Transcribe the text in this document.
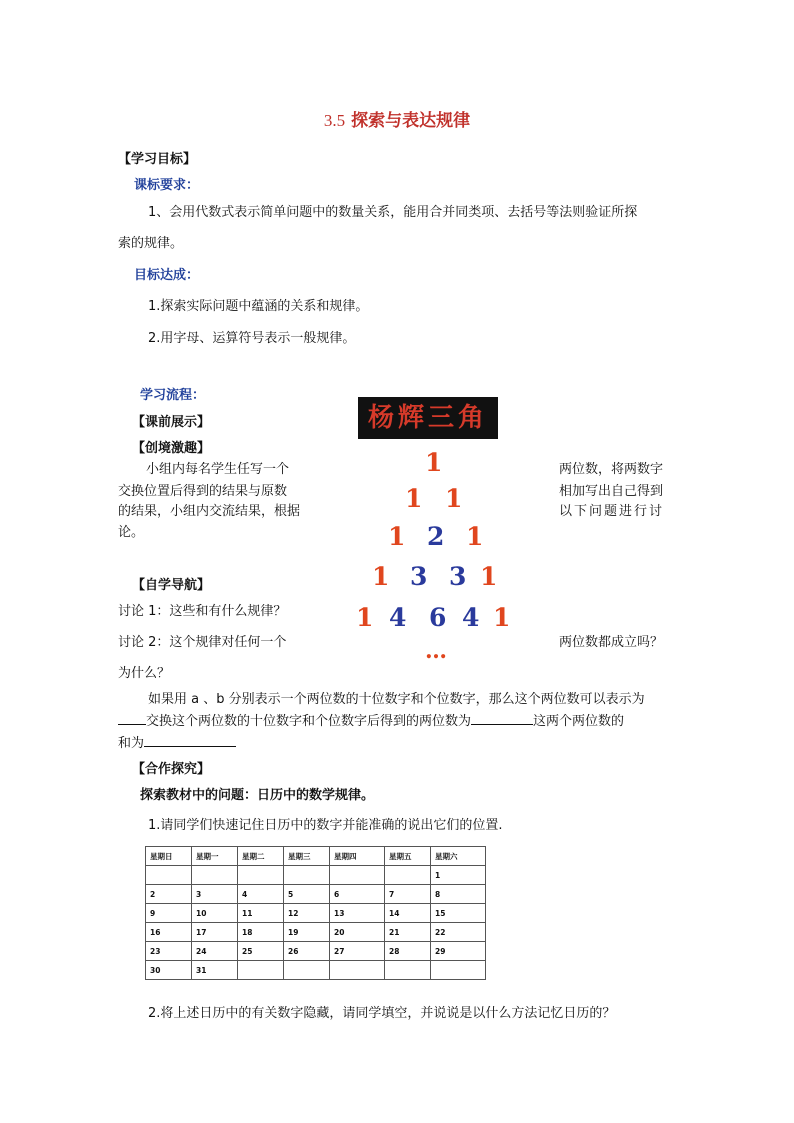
3.5 探索与表达规律
【学习目标】
课标要求：
1、会用代数式表示简单问题中的数量关系，能用合并同类项、去括号等法则验证所探
索的规律。
目标达成：
1.探索实际问题中蕴涵的关系和规律。
2.用字母、运算符号表示一般规律。
学习流程：
【课前展示】
【创境激趣】
小组内每名学生任写一个
交换位置后得到的结果与原数
的结果，小组内交流结果，根据
论。
两位数，将两数字
相加写出自己得到
以下问题进行讨
杨辉三角
1
1 1
1 2 1
1 3 3 1
1 4 6 4 1
…
【自学导航】
讨论 1：这些和有什么规律？
讨论 2：这个规律对任何一个	两位数都成立吗？
为什么？
如果用 a 、b 分别表示一个两位数的十位数字和个位数字，那么这个两位数可以表示为
交换这个两位数的十位数字和个位数字后得到的两位数为	这两个两位数的
和为
【合作探究】
探索教材中的问题：日历中的数学规律。
1.请同学们快速记住日历中的数字并能准确的说出它们的位置.
星期日	星期一	星期二	星期三	星期四	星期五	星期六
						1
2	3	4	5	6	7	8
9	10	11	12	13	14	15
16	17	18	19	20	21	22
23	24	25	26	27	28	29
30	31					
2.将上述日历中的有关数字隐藏，请同学填空，并说说是以什么方法记忆日历的？
